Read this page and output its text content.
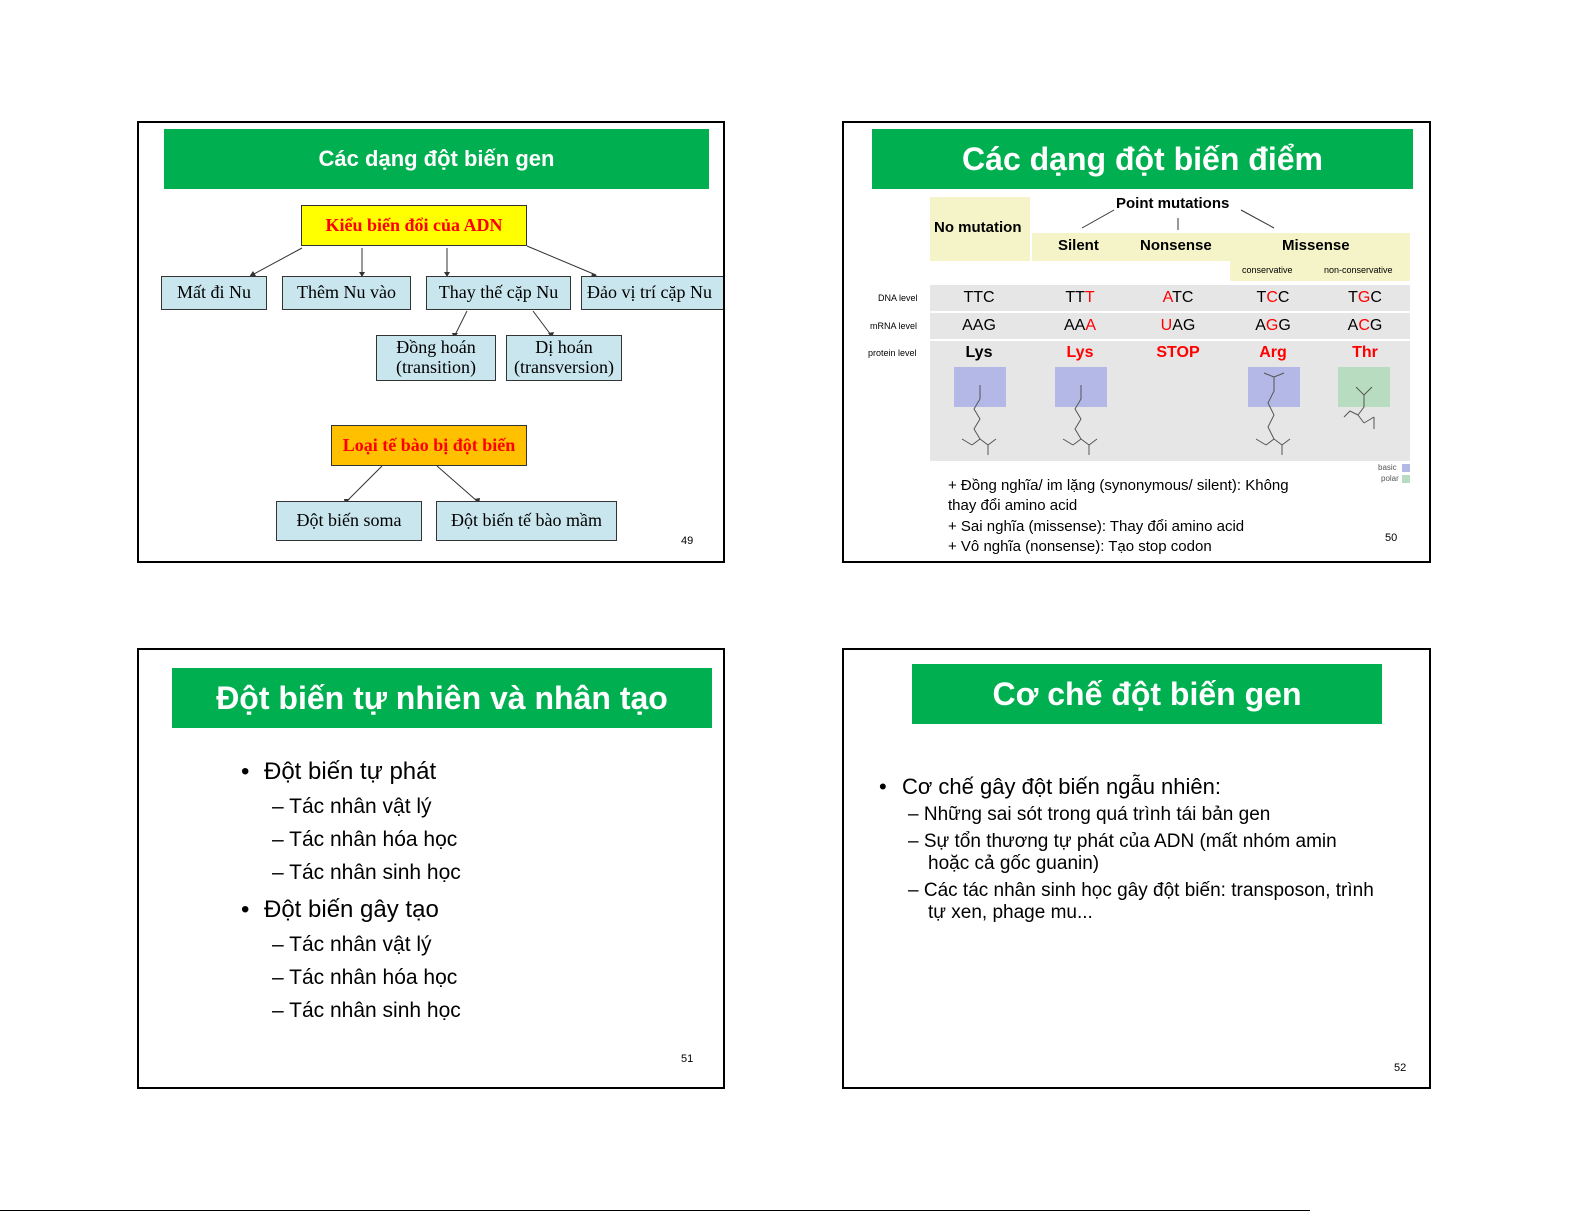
Các dạng đột biến gen
Kiểu biến đổi của ADN
Mất đi Nu	Thêm Nu vào	Thay thế cặp Nu	Đảo vị trí cặp Nu
Đồng hoán
(transition)
Dị hoán
(transversion)
Loại tế bào bị đột biến
Đột biến soma	Đột biến tế bào mầm
49
Các dạng đột biến điểm
Point mutations
No mutation
Silent	Nonsense	Missense
conservative	non-conservative
DNA level
mRNA level
protein level
TTC	TTT	ATC	TCC	TGC
AAG	AAA	UAG	AGG	ACG
Lys	Lys	STOP	Arg	Thr
basic
polar
+ Đồng nghĩa/ im lặng (synonymous/ silent): Không
thay đổi amino acid
+ Sai nghĩa (missense): Thay đổi amino acid
+ Vô nghĩa (nonsense): Tạo stop codon	50
Đột biến tự nhiên và nhân tạo
• Đột biến tự phát
– Tác nhân vật lý
– Tác nhân hóa học
– Tác nhân sinh học
• Đột biến gây tạo
– Tác nhân vật lý
– Tác nhân hóa học
– Tác nhân sinh học
51
Cơ chế đột biến gen
• Cơ chế gây đột biến ngẫu nhiên:
– Những sai sót trong quá trình tái bản gen
– Sự tổn thương tự phát của ADN (mất nhóm amin
hoặc cả gốc guanin)
– Các tác nhân sinh học gây đột biến: transposon, trình
tự xen, phage mu...
52
